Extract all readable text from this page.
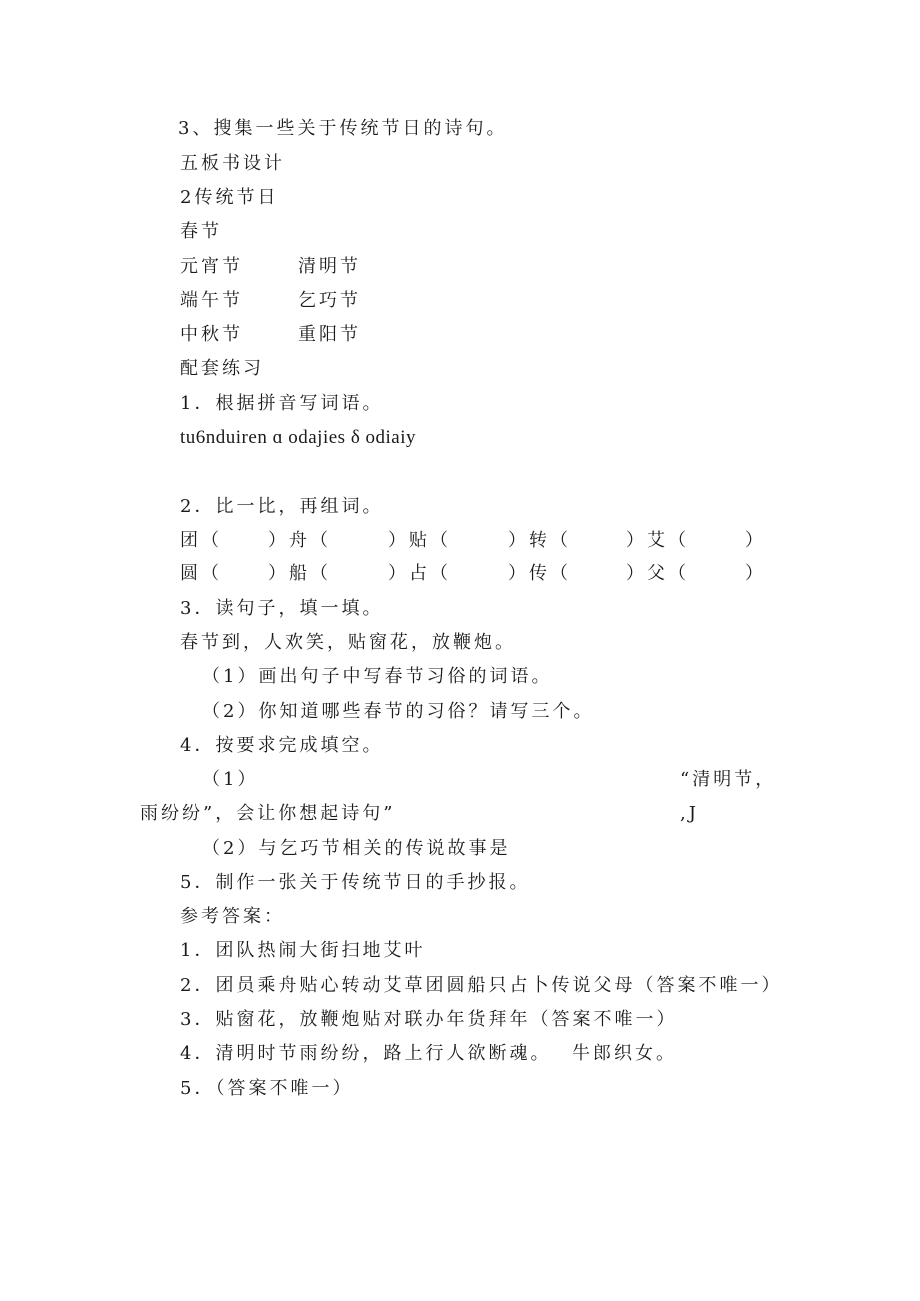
3、搜集一些关于传统节日的诗句。
五板书设计
2传统节日
春节
元宵节	清明节
端午节	乞巧节
中秋节	重阳节
配套练习
1．根据拼音写词语。
tu6nduiren ɑ odajies δ odiaiy
2．比一比，再组词。
团（	）舟（	）贴（	）转（	）艾（	）
圆（	）船（	）占（	）传（	）父（	）
3．读句子，填一填。
春节到，人欢笑，贴窗花，放鞭炮。
（1）画出句子中写春节习俗的词语。
（2）你知道哪些春节的习俗？请写三个。
4．按要求完成填空。
（1）	“清明节，
雨纷纷”，会让你想起诗句”	,J
（2）与乞巧节相关的传说故事是
5．制作一张关于传统节日的手抄报。
参考答案：
1．团队热闹大街扫地艾叶
2．团员乘舟贴心转动艾草团圆船只占卜传说父母（答案不唯一）
3．贴窗花，放鞭炮贴对联办年货拜年（答案不唯一）
4．清明时节雨纷纷，路上行人欲断魂。 牛郎织女。
5．（答案不唯一）
